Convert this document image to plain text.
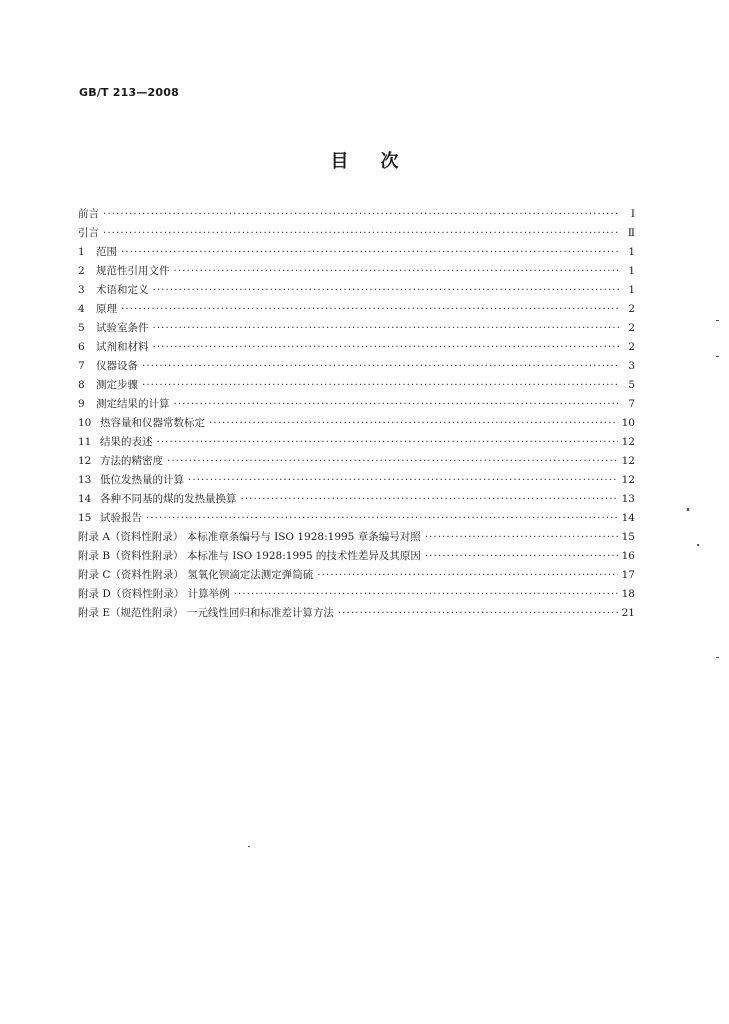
GB/T 213—2008
目次
前言 ·····	Ⅰ
引言 ·····	Ⅱ
1	范围 ·····	1
2	规范性引用文件 ·····	1
3	术语和定义 ·····	1
4	原理 ·····	2
5	试验室条件 ·····	2
6	试剂和材料 ·····	2
7	仪器设备 ·····	3
8	测定步骤 ·····	5
9	测定结果的计算 ·····	7
10 热容量和仪器常数标定 ·····	10
11 结果的表述 ·····	12
12 方法的精密度 ·····	12
13 低位发热量的计算 ·····	12
14 各种不同基的煤的发热量换算 ·····	13
15 试验报告 ·····	14
附录 A（资料性附录） 本标准章条编号与 ISO 1928:1995 章条编号对照 ·····	15
附录 B（资料性附录） 本标准与 ISO 1928:1995 的技术性差异及其原因 ·····	16
附录 C（资料性附录） 氢氧化钡滴定法测定弹筒硫 ·····	17
附录 D（资料性附录） 计算举例 ·····	18
附录 E（规范性附录） 一元线性回归和标准差计算方法 ·····	21
